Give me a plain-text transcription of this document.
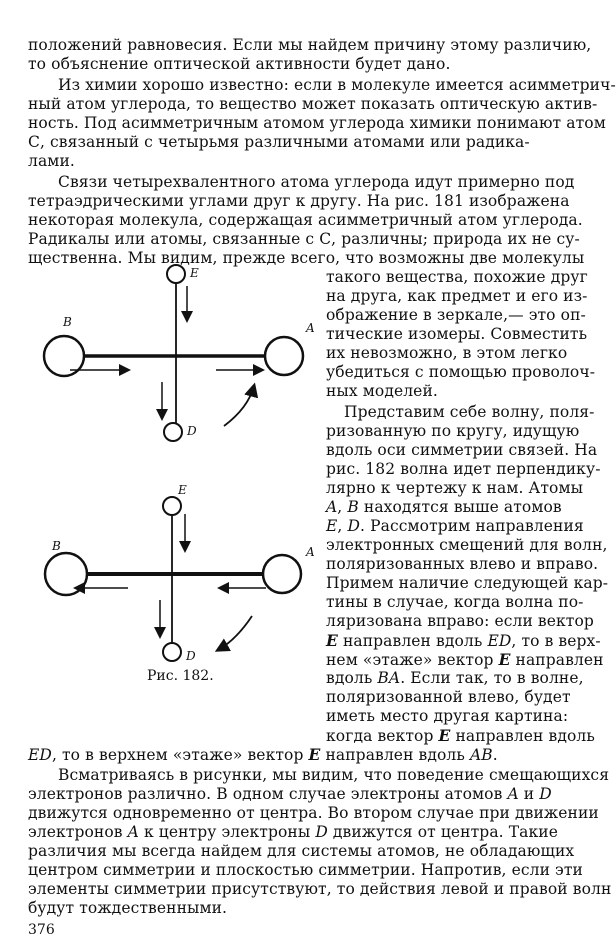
положений равновесия. Если мы найдем причину этому различию,
то объяснение оптической активности будет дано.
Из химии хорошо известно: если в молекуле имеется асимметрич-
ный атом углерода, то вещество может показать оптическую актив-
ность. Под асимметричным атомом углерода химики понимают атом
С, связанный с четырьмя различными атомами или радика-
лами.
Связи четырехвалентного атома углерода идут примерно под
тетраэдрическими углами друг к другу. На рис. 181 изображена
некоторая молекула, содержащая асимметричный атом углерода.
Радикалы или атомы, связанные с С, различны; природа их не су-
щественна. Мы видим, прежде всего, что возможны две молекулы
такого вещества, похожие друг
на друга, как предмет и его из-
ображение в зеркале,— это оп-
тические изомеры. Совместить
их невозможно, в этом легко
убедиться с помощью проволоч-
ных моделей.
Представим себе волну, поля-
ризованную по кругу, идущую
вдоль оси симметрии связей. На
рис. 182 волна идет перпендику-
лярно к чертежу к нам. Атомы
A, B находятся выше атомов
E, D. Рассмотрим направления
электронных смещений для волн,
поляризованных влево и вправо.
Примем наличие следующей кар-
тины в случае, когда волна по-
ляризована вправо: если вектор
E направлен вдоль ED, то в верх-
нем «этаже» вектор E направлен
вдоль BA. Если так, то в волне,
поляризованной влево, будет
иметь место другая картина:
когда вектор E направлен вдоль
ED, то в верхнем «этаже» вектор E направлен вдоль AB.
Всматриваясь в рисунки, мы видим, что поведение смещающихся
электронов различно. В одном случае электроны атомов A и D
движутся одновременно от центра. Во втором случае при движении
электронов A к центру электроны D движутся от центра. Такие
различия мы всегда найдем для системы атомов, не обладающих
центром симметрии и плоскостью симметрии. Напротив, если эти
элементы симметрии присутствуют, то действия левой и правой волн
будут тождественными.
E
B	A
D
E
B	A
D
Рис. 182.
376
